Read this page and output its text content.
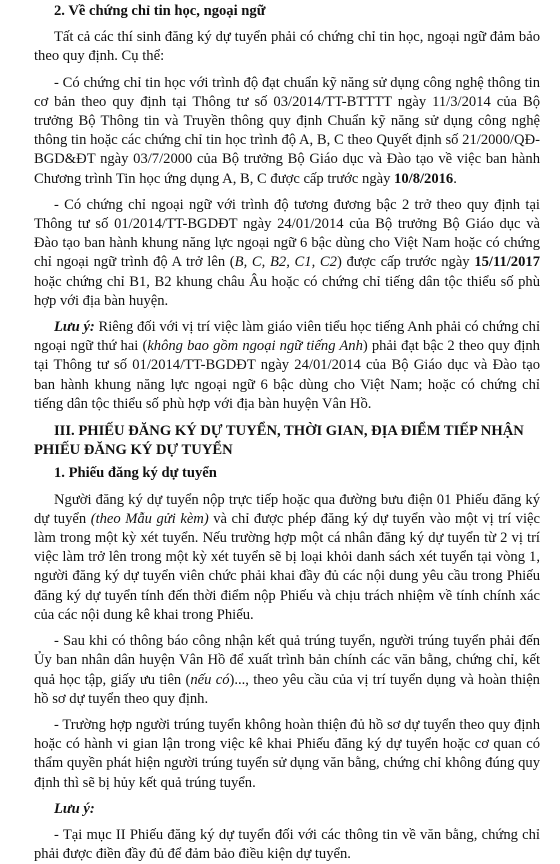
2. Về chứng chỉ tin học, ngoại ngữ

Tất cả các thí sinh đăng ký dự tuyển phải có chứng chỉ tin học, ngoại ngữ đảm bảo theo quy định. Cụ thể:

- Có chứng chỉ tin học với trình độ đạt chuẩn kỹ năng sử dụng công nghệ thông tin cơ bản theo quy định tại Thông tư số 03/2014/TT-BTTTT ngày 11/3/2014 của Bộ trưởng Bộ Thông tin và Truyền thông quy định Chuẩn kỹ năng sử dụng công nghệ thông tin hoặc các chứng chỉ tin học trình độ A, B, C theo Quyết định số 21/2000/QĐ-BGD&ĐT ngày 03/7/2000 của Bộ trưởng Bộ Giáo dục và Đào tạo về việc ban hành Chương trình Tin học ứng dụng A, B, C được cấp trước ngày 10/8/2016.

- Có chứng chỉ ngoại ngữ với trình độ tương đương bậc 2 trở theo quy định tại Thông tư số 01/2014/TT-BGDĐT ngày 24/01/2014 của Bộ trưởng Bộ Giáo dục và Đào tạo ban hành khung năng lực ngoại ngữ 6 bậc dùng cho Việt Nam hoặc có chứng chỉ ngoại ngữ trình độ A trở lên (B, C, B2, C1, C2) được cấp trước ngày 15/11/2017 hoặc chứng chỉ B1, B2 khung châu Âu hoặc có chứng chỉ tiếng dân tộc thiểu số phù hợp với địa bàn huyện.

Lưu ý: Riêng đối với vị trí việc làm giáo viên tiểu học tiếng Anh phải có chứng chỉ ngoại ngữ thứ hai (không bao gồm ngoại ngữ tiếng Anh) phải đạt bậc 2 theo quy định tại Thông tư số 01/2014/TT-BGDĐT ngày 24/01/2014 của Bộ Giáo dục và Đào tạo ban hành khung năng lực ngoại ngữ 6 bậc dùng cho Việt Nam; hoặc có chứng chỉ tiếng dân tộc thiểu số phù hợp với địa bàn huyện Vân Hồ.

III. PHIẾU ĐĂNG KÝ DỰ TUYỂN, THỜI GIAN, ĐỊA ĐIỂM TIẾP NHẬN PHIẾU ĐĂNG KÝ DỰ TUYỂN

1. Phiếu đăng ký dự tuyển

Người đăng ký dự tuyển nộp trực tiếp hoặc qua đường bưu điện 01 Phiếu đăng ký dự tuyển (theo Mẫu gửi kèm) và chỉ được phép đăng ký dự tuyển vào một vị trí việc làm trong một kỳ xét tuyển. Nếu trường hợp một cá nhân đăng ký dự tuyển từ 2 vị trí việc làm trở lên trong một kỳ xét tuyển sẽ bị loại khỏi danh sách xét tuyển tại vòng 1, người đăng ký dự tuyển viên chức phải khai đầy đủ các nội dung yêu cầu trong Phiếu đăng ký dự tuyển tính đến thời điểm nộp Phiếu và chịu trách nhiệm về tính chính xác của các nội dung kê khai trong Phiếu.

- Sau khi có thông báo công nhận kết quả trúng tuyển, người trúng tuyển phải đến Ủy ban nhân dân huyện Vân Hồ để xuất trình bản chính các văn bằng, chứng chỉ, kết quả học tập, giấy ưu tiên (nếu có)..., theo yêu cầu của vị trí tuyển dụng và hoàn thiện hồ sơ dự tuyển theo quy định.

- Trường hợp người trúng tuyển không hoàn thiện đủ hồ sơ dự tuyển theo quy định hoặc có hành vi gian lận trong việc kê khai Phiếu đăng ký dự tuyển hoặc cơ quan có thẩm quyền phát hiện người trúng tuyển sử dụng văn bằng, chứng chỉ không đúng quy định thì sẽ bị hủy kết quả trúng tuyển.

Lưu ý:

- Tại mục II Phiếu đăng ký dự tuyển đối với các thông tin về văn bằng, chứng chỉ phải được điền đầy đủ để đảm bảo điều kiện dự tuyển.
